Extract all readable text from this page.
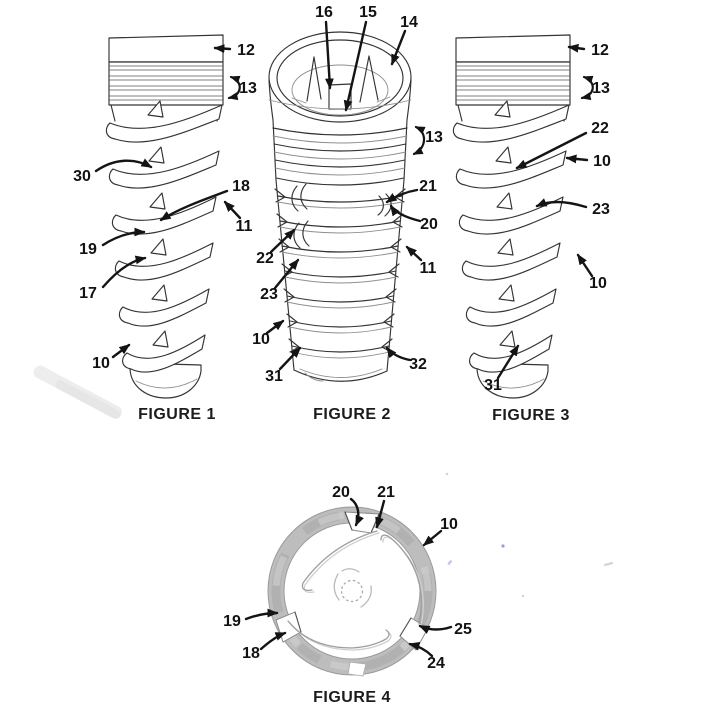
12
13
30
18
11
19
17
10
FIGURE 1
16 15
14
13
21
20
22
11
23
10
31
32
FIGURE 2
12
13
22
10
23
10
31
FIGURE 3
20 21
10
19
18
25
24
FIGURE 4
